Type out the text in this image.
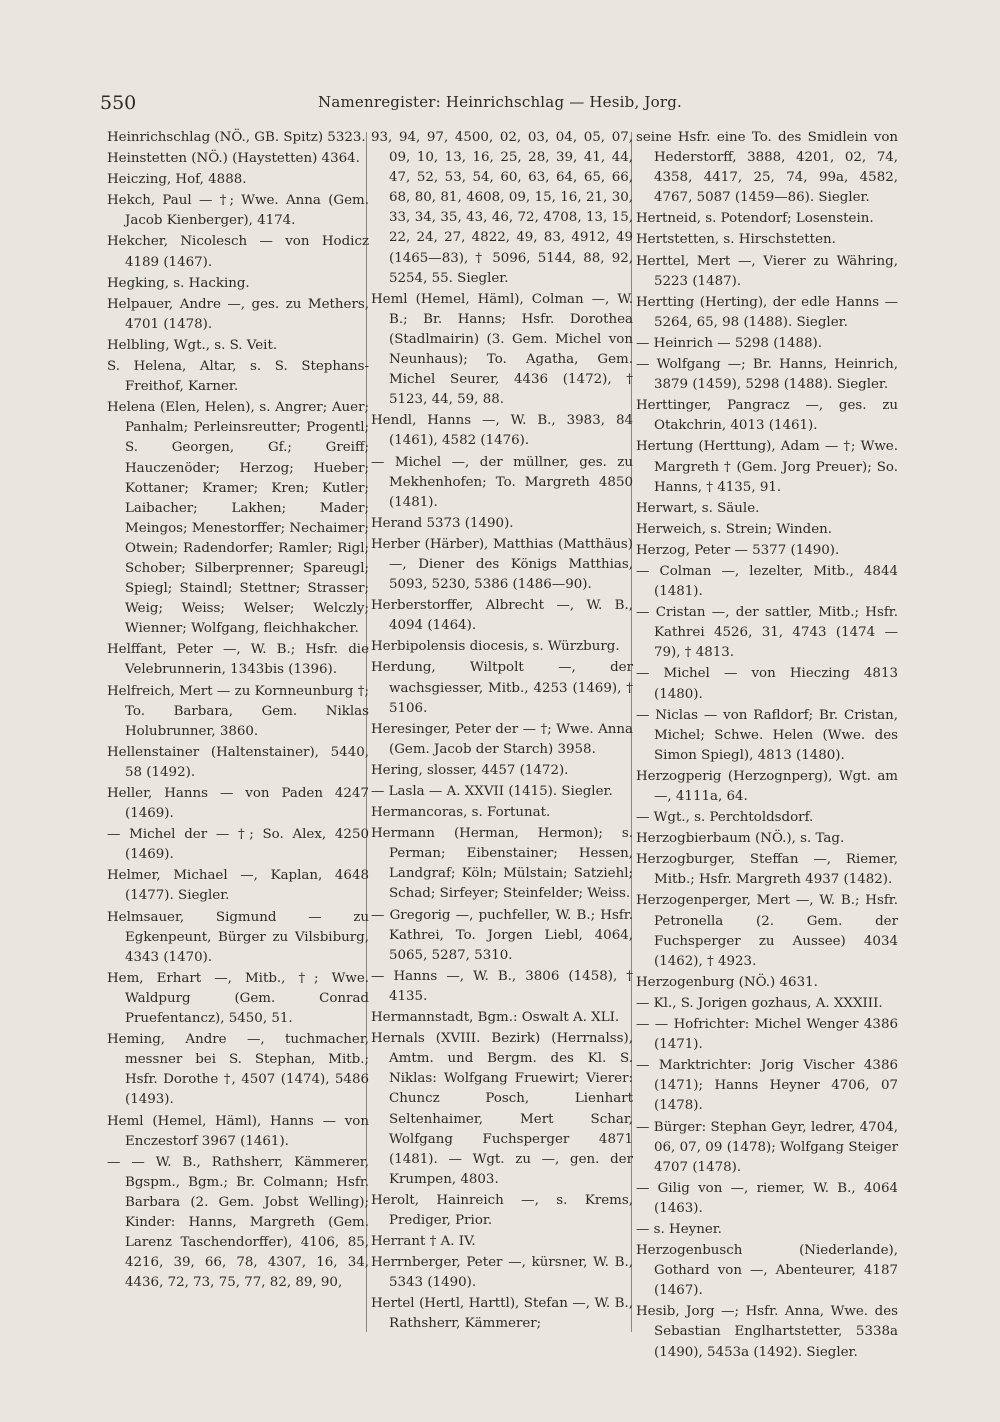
550	Namenregister: Heinrichschlag — Hesib, Jorg.
Heinrichschlag (NÖ., GB. Spitz) 5323.
Heinstetten (NÖ.) (Haystetten) 4364.
Heiczing, Hof, 4888.
Hekch, Paul — †; Wwe. Anna (Gem. Jacob Kienberger), 4174.
Hekcher, Nicolesch — von Hodicz 4189 (1467).
Hegking, s. Hacking.
Helpauer, Andre —, ges. zu Methers, 4701 (1478).
Helbling, Wgt., s. S. Veit.
S. Helena, Altar, s. S. Stephans-Freithof, Karner.
Helena (Elen, Helen), s. Angrer; Auer; Panhalm; Perleinsreutter; Progentl; S. Georgen, Gf.; Greiff; Hauczenöder; Herzog; Hueber; Kottaner; Kramer; Kren; Kutler; Laibacher; Lakhen; Mader; Meingos; Menestorffer; Nechaimer; Otwein; Radendorfer; Ramler; Rigl; Schober; Silberprenner; Spareugl; Spiegl; Staindl; Stettner; Strasser; Weig; Weiss; Welser; Welczly; Wienner; Wolfgang, fleichhakcher.
Helffant, Peter —, W. B.; Hsfr. die Velebrunnerin, 1343bis (1396).
Helfreich, Mert — zu Kornneunburg †; To. Barbara, Gem. Niklas Holubrunner, 3860.
Hellenstainer (Haltenstainer), 5440, 58 (1492).
Heller, Hanns — von Paden 4247 (1469).
— Michel der — †; So. Alex, 4250 (1469).
Helmer, Michael —, Kaplan, 4648 (1477). Siegler.
Helmsauer, Sigmund — zu Egkenpeunt, Bürger zu Vilsbiburg, 4343 (1470).
Hem, Erhart —, Mitb., †; Wwe. Waldpurg (Gem. Conrad Pruefentancz), 5450, 51.
Heming, Andre —, tuchmacher, messner bei S. Stephan, Mitb.; Hsfr. Dorothe †, 4507 (1474), 5486 (1493).
Heml (Hemel, Häml), Hanns — von Enczestorf 3967 (1461).
— — W. B., Rathsherr, Kämmerer, Bgspm., Bgm.; Br. Colmann; Hsfr. Barbara (2. Gem. Jobst Welling); Kinder: Hanns, Margreth (Gem. Larenz Taschendorffer), 4106, 85, 4216, 39, 66, 78, 4307, 16, 34, 4436, 72, 73, 75, 77, 82, 89, 90,
93, 94, 97, 4500, 02, 03, 04, 05, 07, 09, 10, 13, 16, 25, 28, 39, 41, 44, 47, 52, 53, 54, 60, 63, 64, 65, 66, 68, 80, 81, 4608, 09, 15, 16, 21, 30, 33, 34, 35, 43, 46, 72, 4708, 13, 15, 22, 24, 27, 4822, 49, 83, 4912, 49 (1465—83), † 5096, 5144, 88, 92, 5254, 55. Siegler.
Heml (Hemel, Häml), Colman —, W. B.; Br. Hanns; Hsfr. Dorothea (Stadlmairin) (3. Gem. Michel von Neunhaus); To. Agatha, Gem. Michel Seurer, 4436 (1472), † 5123, 44, 59, 88.
Hendl, Hanns —, W. B., 3983, 84 (1461), 4582 (1476).
— Michel —, der müllner, ges. zu Mekhenhofen; To. Margreth 4850 (1481).
Herand 5373 (1490).
Herber (Härber), Matthias (Matthäus) —, Diener des Königs Matthias, 5093, 5230, 5386 (1486—90).
Herberstorffer, Albrecht —, W. B., 4094 (1464).
Herbipolensis diocesis, s. Würzburg.
Herdung, Wiltpolt —, der wachsgiesser, Mitb., 4253 (1469), † 5106.
Heresinger, Peter der — †; Wwe. Anna (Gem. Jacob der Starch) 3958.
Hering, slosser, 4457 (1472).
— Lasla — A. XXVII (1415). Siegler.
Hermancoras, s. Fortunat.
Hermann (Herman, Hermon); s. Perman; Eibenstainer; Hessen, Landgraf; Köln; Mülstain; Satziehl; Schad; Sirfeyer; Steinfelder; Weiss.
— Gregorig —, puchfeller, W. B.; Hsfr. Kathrei, To. Jorgen Liebl, 4064, 5065, 5287, 5310.
— Hanns —, W. B., 3806 (1458), † 4135.
Hermannstadt, Bgm.: Oswalt A. XLI.
Hernals (XVIII. Bezirk) (Herrnalss), Amtm. und Bergm. des Kl. S. Niklas: Wolfgang Fruewirt; Vierer: Chuncz Posch, Lienhart Seltenhaimer, Mert Schar, Wolfgang Fuchsperger 4871 (1481). — Wgt. zu —, gen. der Krumpen, 4803.
Herolt, Hainreich —, s. Krems, Prediger, Prior.
Herrant † A. IV.
Herrnberger, Peter —, kürsner, W. B., 5343 (1490).
Hertel (Hertl, Harttl), Stefan —, W. B., Rathsherr, Kämmerer;
seine Hsfr. eine To. des Smidlein von Hederstorff, 3888, 4201, 02, 74, 4358, 4417, 25, 74, 99a, 4582, 4767, 5087 (1459—86). Siegler.
Hertneid, s. Potendorf; Losenstein.
Hertstetten, s. Hirschstetten.
Herttel, Mert —, Vierer zu Währing, 5223 (1487).
Hertting (Herting), der edle Hanns — 5264, 65, 98 (1488). Siegler.
— Heinrich — 5298 (1488).
— Wolfgang —; Br. Hanns, Heinrich, 3879 (1459), 5298 (1488). Siegler.
Herttinger, Pangracz —, ges. zu Otakchrin, 4013 (1461).
Hertung (Herttung), Adam — †; Wwe. Margreth † (Gem. Jorg Preuer); So. Hanns, † 4135, 91.
Herwart, s. Säule.
Herweich, s. Strein; Winden.
Herzog, Peter — 5377 (1490).
— Colman —, lezelter, Mitb., 4844 (1481).
— Cristan —, der sattler, Mitb.; Hsfr. Kathrei 4526, 31, 4743 (1474 —79), † 4813.
— Michel — von Hieczing 4813 (1480).
— Niclas — von Rafldorf; Br. Cristan, Michel; Schwe. Helen (Wwe. des Simon Spiegl), 4813 (1480).
Herzogperig (Herzognperg), Wgt. am —, 4111a, 64.
— Wgt., s. Perchtoldsdorf.
Herzogbierbaum (NÖ.), s. Tag.
Herzogburger, Steffan —, Riemer, Mitb.; Hsfr. Margreth 4937 (1482).
Herzogenperger, Mert —, W. B.; Hsfr. Petronella (2. Gem. der Fuchsperger zu Aussee) 4034 (1462), † 4923.
Herzogenburg (NÖ.) 4631.
— Kl., S. Jorigen gozhaus, A. XXXIII.
— — Hofrichter: Michel Wenger 4386 (1471).
— Marktrichter: Jorig Vischer 4386 (1471); Hanns Heyner 4706, 07 (1478).
— Bürger: Stephan Geyr, ledrer, 4704, 06, 07, 09 (1478); Wolfgang Steiger 4707 (1478).
— Gilig von —, riemer, W. B., 4064 (1463).
— s. Heyner.
Herzogenbusch (Niederlande), Gothard von —, Abenteurer, 4187 (1467).
Hesib, Jorg —; Hsfr. Anna, Wwe. des Sebastian Englhartstetter, 5338a (1490), 5453a (1492). Siegler.
